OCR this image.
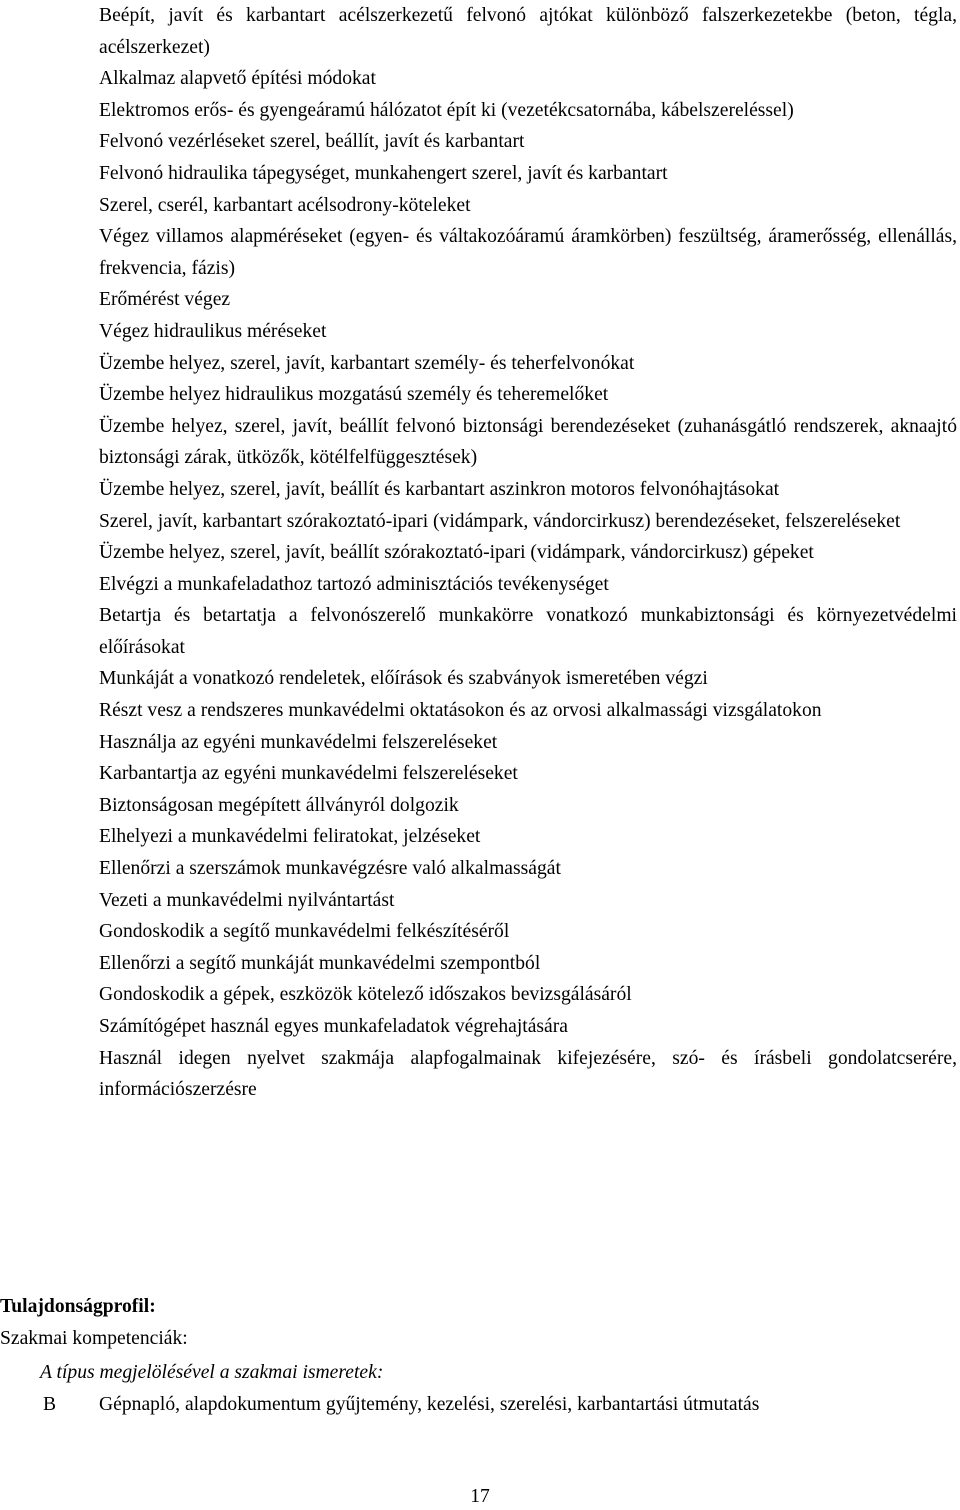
Beépít, javít és karbantart acélszerkezetű felvonó ajtókat különböző falszerkezetekbe (beton, tégla, acélszerkezet)
Alkalmaz alapvető építési módokat
Elektromos erős- és gyengeáramú hálózatot épít ki (vezetékcsatornába, kábelszereléssel)
Felvonó vezérléseket szerel, beállít, javít és karbantart
Felvonó hidraulika tápegységet, munkahengert szerel, javít és karbantart
Szerel, cserél, karbantart acélsodrony-köteleket
Végez villamos alapméréseket (egyen- és váltakozóáramú áramkörben) feszültség, áramerősség, ellenállás, frekvencia, fázis)
Erőmérést végez
Végez hidraulikus méréseket
Üzembe helyez, szerel, javít, karbantart személy- és teherfelvonókat
Üzembe helyez hidraulikus mozgatású személy és teheremelőket
Üzembe helyez, szerel, javít, beállít felvonó biztonsági berendezéseket (zuhanásgátló rendszerek, aknaajtó biztonsági zárak, ütközők, kötélfelfüggesztések)
Üzembe helyez, szerel, javít, beállít és karbantart aszinkron motoros felvonóhajtásokat
Szerel, javít, karbantart szórakoztató-ipari (vidámpark, vándorcirkusz) berendezéseket, felszereléseket
Üzembe helyez, szerel, javít, beállít szórakoztató-ipari (vidámpark, vándorcirkusz) gépeket
Elvégzi a munkafeladathoz tartozó adminisztációs tevékenységet
Betartja és betartatja a felvonószerelő munkakörre vonatkozó munkabiztonsági és környezetvédelmi előírásokat
Munkáját a vonatkozó rendeletek, előírások és szabványok ismeretében végzi
Részt vesz a rendszeres munkavédelmi oktatásokon és az orvosi alkalmassági vizsgálatokon
Használja az egyéni munkavédelmi felszereléseket
Karbantartja az egyéni munkavédelmi felszereléseket
Biztonságosan megépített állványról dolgozik
Elhelyezi a munkavédelmi feliratokat, jelzéseket
Ellenőrzi a szerszámok munkavégzésre való alkalmasságát
Vezeti a munkavédelmi nyilvántartást
Gondoskodik a segítő munkavédelmi felkészítéséről
Ellenőrzi a segítő munkáját munkavédelmi szempontból
Gondoskodik a gépek, eszközök kötelező időszakos bevizsgálásáról
Számítógépet használ egyes munkafeladatok végrehajtására
Használ idegen nyelvet szakmája alapfogalmainak kifejezésére, szó- és írásbeli gondolatcserére, információszerzésre
Tulajdonságprofil:
Szakmai kompetenciák:
A típus megjelölésével a szakmai ismeretek:
B Gépnapló, alapdokumentum gyűjtemény, kezelési, szerelési, karbantartási útmutatás
17
